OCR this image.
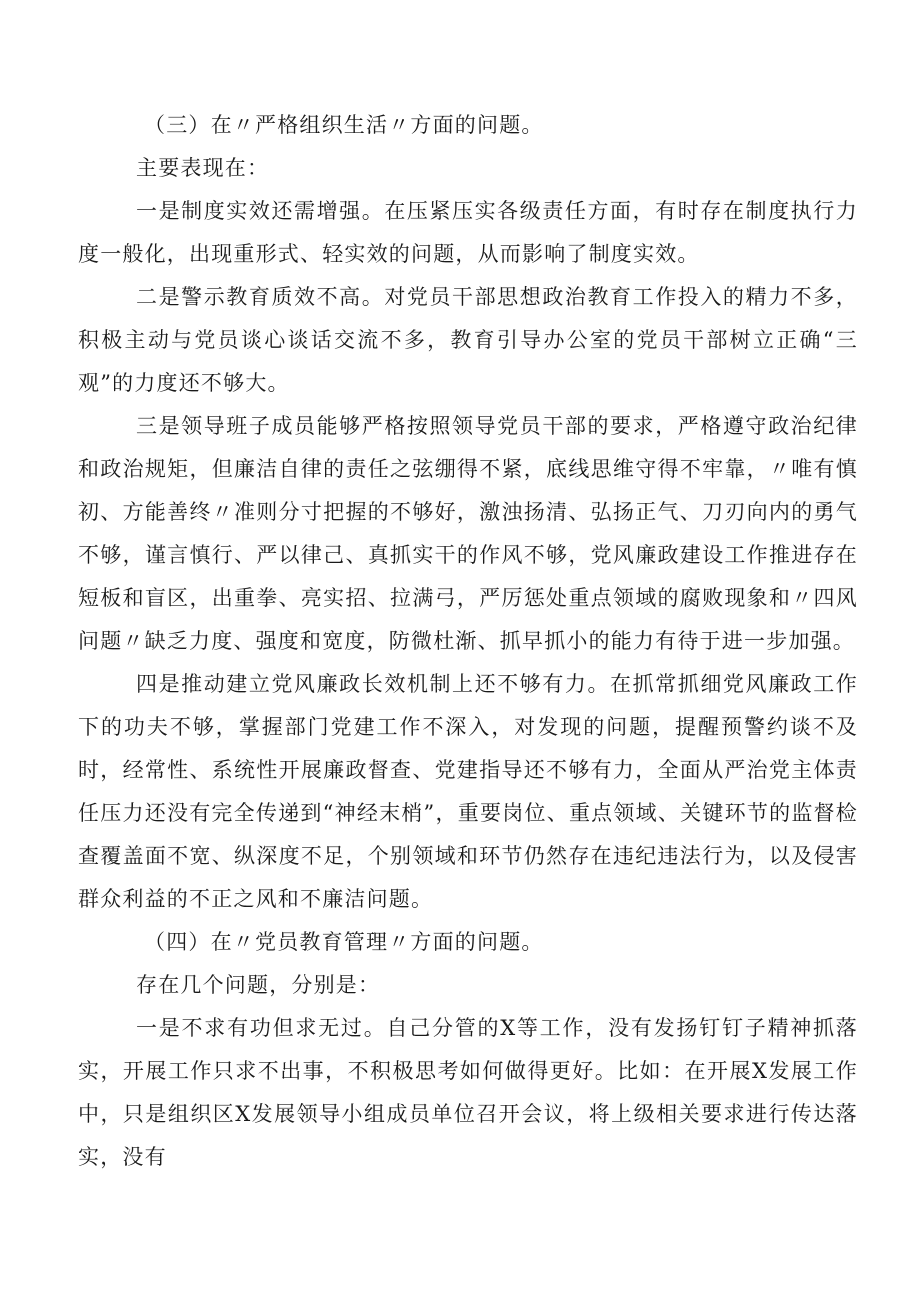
（三）在〃严格组织生活〃方面的问题。

主要表现在：

一是制度实效还需增强。在压紧压实各级责任方面，有时存在制度执行力度一般化，出现重形式、轻实效的问题，从而影响了制度实效。

二是警示教育质效不高。对党员干部思想政治教育工作投入的精力不多，积极主动与党员谈心谈话交流不多，教育引导办公室的党员干部树立正确“三观”的力度还不够大。

三是领导班子成员能够严格按照领导党员干部的要求，严格遵守政治纪律和政治规矩，但廉洁自律的责任之弦绷得不紧，底线思维守得不牢靠，〃唯有慎初、方能善终〃准则分寸把握的不够好，激浊扬清、弘扬正气、刀刃向内的勇气不够，谨言慎行、严以律己、真抓实干的作风不够，党风廉政建设工作推进存在短板和盲区，出重拳、亮实招、拉满弓，严厉惩处重点领域的腐败现象和〃四风问题〃缺乏力度、强度和宽度，防微杜渐、抓早抓小的能力有待于进一步加强。

四是推动建立党风廉政长效机制上还不够有力。在抓常抓细党风廉政工作下的功夫不够，掌握部门党建工作不深入，对发现的问题，提醒预警约谈不及时，经常性、系统性开展廉政督查、党建指导还不够有力，全面从严治党主体责任压力还没有完全传递到“神经末梢”，重要岗位、重点领域、关键环节的监督检查覆盖面不宽、纵深度不足，个别领域和环节仍然存在违纪违法行为，以及侵害群众利益的不正之风和不廉洁问题。

（四）在〃党员教育管理〃方面的问题。

存在几个问题，分别是：

一是不求有功但求无过。自己分管的X等工作，没有发扬钉钉子精神抓落实，开展工作只求不出事，不积极思考如何做得更好。比如：在开展X发展工作中，只是组织区X发展领导小组成员单位召开会议，将上级相关要求进行传达落实，没有
